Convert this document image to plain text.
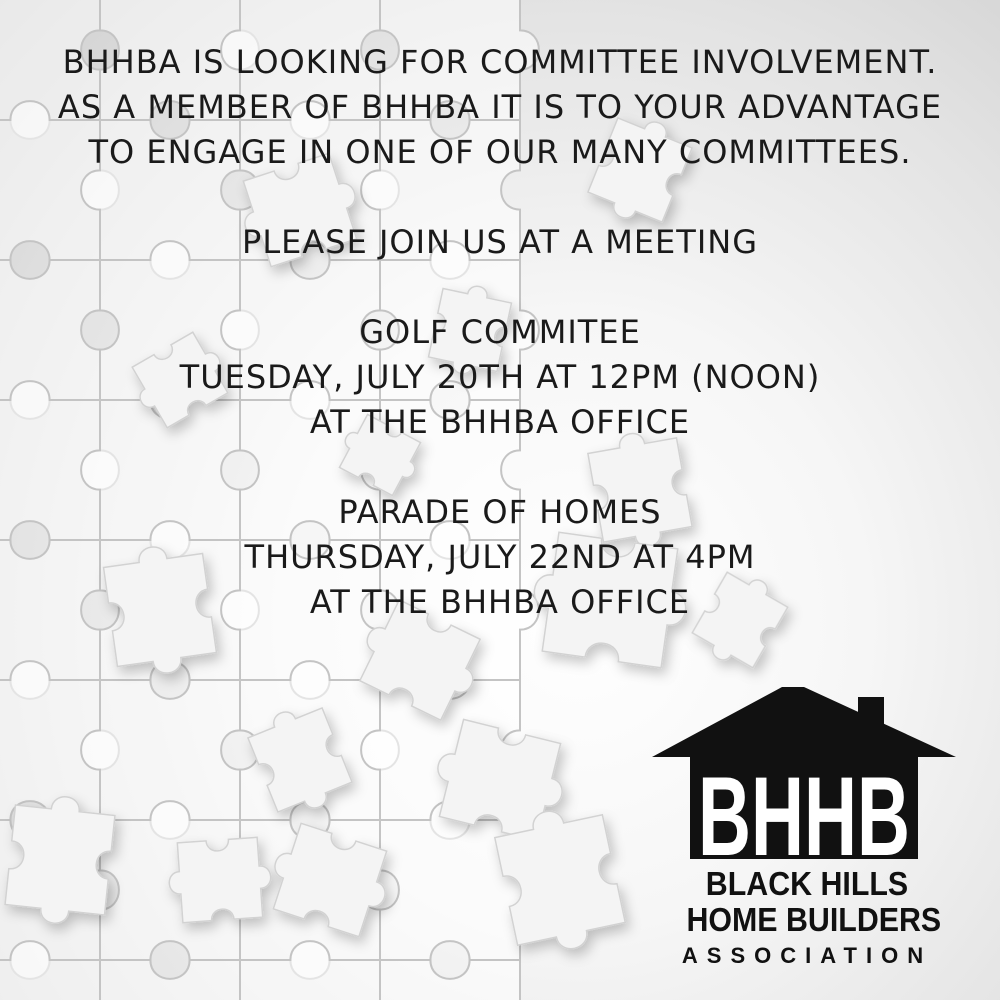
BHHBA IS LOOKING FOR COMMITTEE INVOLVEMENT.
AS A MEMBER OF BHHBA IT IS TO YOUR ADVANTAGE
TO ENGAGE IN ONE OF OUR MANY COMMITTEES.
PLEASE JOIN US AT A MEETING
GOLF COMMITEE
TUESDAY, JULY 20TH AT 12PM (NOON)
AT THE BHHBA OFFICE
PARADE OF HOMES
THURSDAY, JULY 22ND AT 4PM
AT THE BHHBA OFFICE
BHHB
BLACK HILLS
HOME BUILDERS
ASSOCIATION
